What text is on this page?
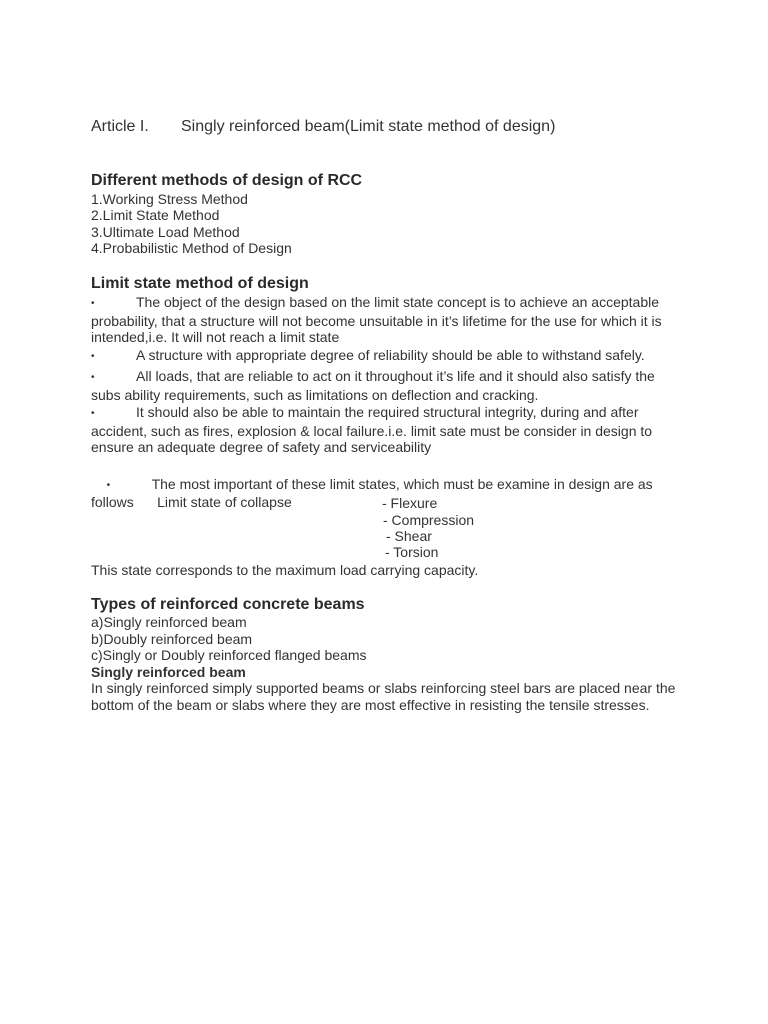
Article I. Singly reinforced beam(Limit state method of design)
Different methods of design of RCC
1.Working Stress Method
2.Limit State Method
3.Ultimate Load Method
4.Probabilistic Method of Design
Limit state method of design
•	The object of the design based on the limit state concept is to achieve an acceptable probability, that a structure will not become unsuitable in it’s lifetime for the use for which it is intended,i.e. It will not reach a limit state
•	A structure with appropriate degree of reliability should be able to withstand safely.
•	All loads, that are reliable to act on it throughout it’s life and it should also satisfy the subs ability requirements, such as limitations on deflection and cracking.
•	It should also be able to maintain the required structural integrity, during and after accident, such as fires, explosion & local failure.i.e. limit sate must be consider in design to ensure an adequate degree of safety and serviceability

•	The most important of these limit states, which must be examine in design are as follows      Limit state of collapse
	- Flexure
- Compression
- Shear
- Torsion
This state corresponds to the maximum load carrying capacity.
Types of reinforced concrete beams
a)Singly reinforced beam
b)Doubly reinforced beam
c)Singly or Doubly reinforced flanged beams
Singly reinforced beam
In singly reinforced simply supported beams or slabs reinforcing steel bars are placed near the bottom of the beam or slabs where they are most effective in resisting the tensile stresses.
